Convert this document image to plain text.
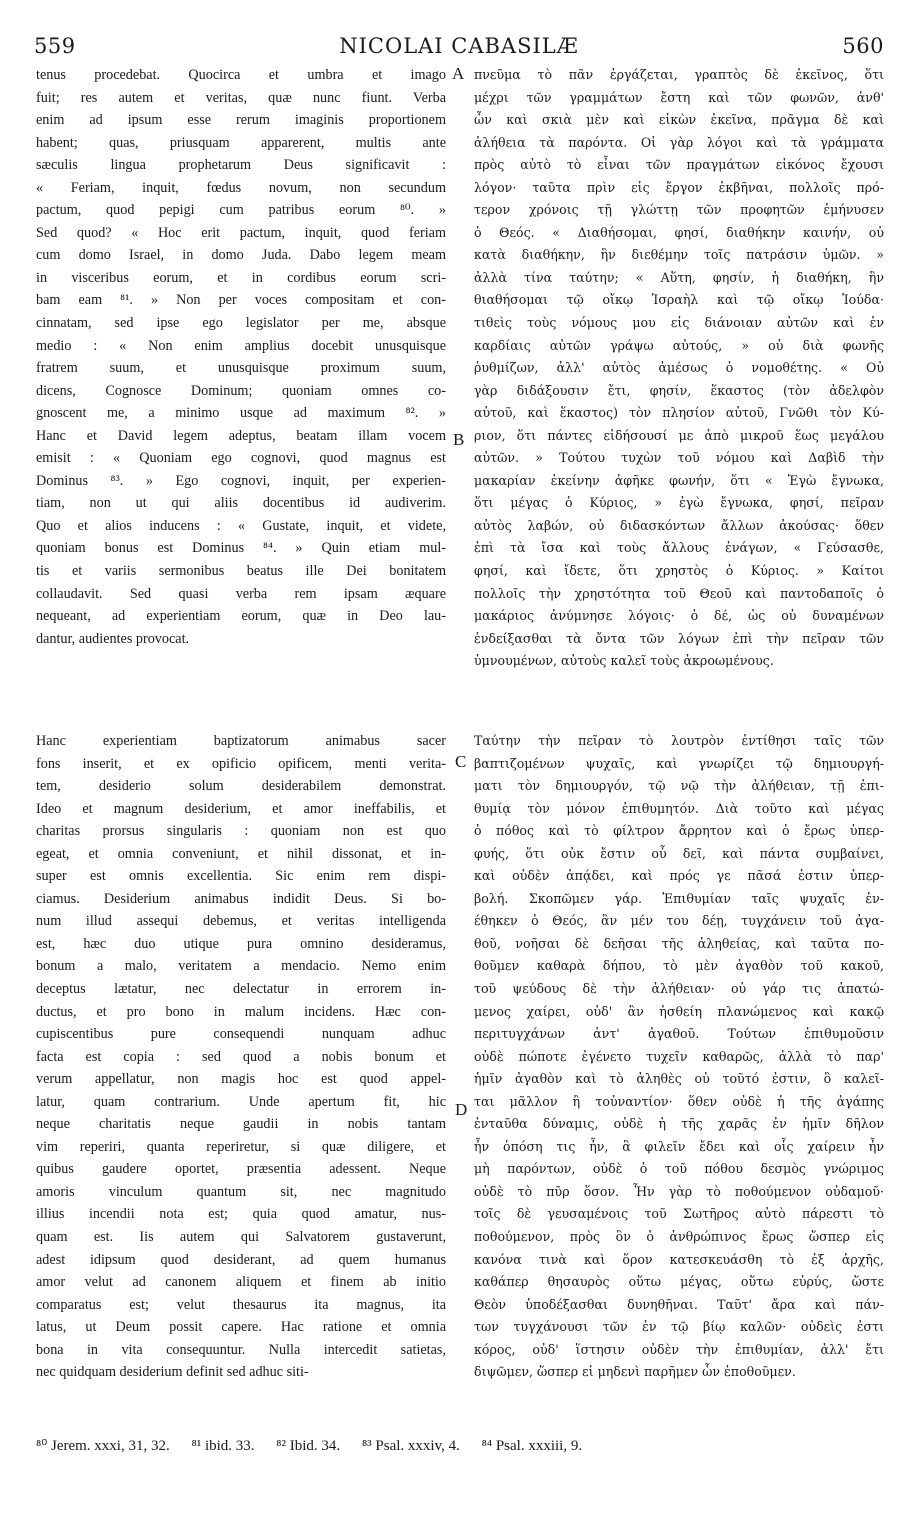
559	NICOLAI CABASILÆ	560
tenus procedebat. Quocirca et umbra et imago
fuit; res autem et veritas, quæ nunc fiunt. Verba
enim ad ipsum esse rerum imaginis proportionem
habent; quas, priusquam apparerent, multis ante
sæculis lingua prophetarum Deus significavit :
« Feriam, inquit, fœdus novum, non secundum
pactum, quod pepigi cum patribus eorum ⁸⁰. »
Sed quod? « Hoc erit pactum, inquit, quod feriam
cum domo Israel, in domo Juda. Dabo legem meam
in visceribus eorum, et in cordibus eorum scri-
bam eam ⁸¹. » Non per voces compositam et con-
cinnatam, sed ipse ego legislator per me, absque
medio : « Non enim amplius docebit unusquisque
fratrem suum, et unusquisque proximum suum,
dicens, Cognosce Dominum; quoniam omnes co-
gnoscent me, a minimo usque ad maximum ⁸². »
Hanc et David legem adeptus, beatam illam vocem
emisit : « Quoniam ego cognovi, quod magnus est
Dominus ⁸³. » Ego cognovi, inquit, per experien-
tiam, non ut qui aliis docentibus id audiverim.
Quo et alios inducens : « Gustate, inquit, et videte,
quoniam bonus est Dominus ⁸⁴. » Quin etiam mul-
tis et variis sermonibus beatus ille Dei bonitatem
collaudavit. Sed quasi verba rem ipsam æquare
nequeant, ad experientiam eorum, quæ in Deo lau-
dantur, audientes provocat.
πνεῦμα τὸ πᾶν ἐργάζεται, γραπτὸς δὲ ἐκεῖνος, ὅτι
μέχρι τῶν γραμμάτων ἔστη καὶ τῶν φωνῶν, ἀνθ'
ὧν καὶ σκιὰ μὲν καὶ εἰκὼν ἐκεῖνα, πρᾶγμα δὲ καὶ
ἀλήθεια τὰ παρόντα. Οἱ γὰρ λόγοι καὶ τὰ γράμματα
πρὸς αὐτὸ τὸ εἶναι τῶν πραγμάτων εἰκόνος ἔχουσι
λόγον· ταῦτα πρὶν εἰς ἔργον ἐκβῆναι, πολλοῖς πρό-
τερον χρόνοις τῇ γλώττῃ τῶν προφητῶν ἐμήνυσεν
ὁ Θεός. « Διαθήσομαι, φησί, διαθήκην καινήν, οὐ
κατὰ διαθήκην, ἣν διεθέμην τοῖς πατράσιν ὑμῶν. »
ἀλλὰ τίνα ταύτην; « Αὕτη, φησίν, ἡ διαθήκη, ἣν
θιαθήσομαι τῷ οἴκῳ Ἰσραὴλ καὶ τῷ οἴκῳ Ἰούδα·
τιθεὶς τοὺς νόμους μου εἰς διάνοιαν αὐτῶν καὶ ἐν
καρδίαις αὐτῶν γράψω αὐτούς, » οὐ διὰ φωνῆς
ῥυθμίζων, ἀλλ' αὐτὸς ἀμέσως ὁ νομοθέτης. « Οὐ
γὰρ διδάξουσιν ἔτι, φησίν, ἕκαστος (τὸν ἀδελφὸν
αὐτοῦ, καὶ ἕκαστος) τὸν πλησίον αὐτοῦ, Γνῶθι τὸν Κύ-
ριον, ὅτι πάντες εἰδήσουσί με ἀπὸ μικροῦ ἕως μεγάλου
αὐτῶν. » Τούτου τυχὼν τοῦ νόμου καὶ Δαβὶδ τὴν
μακαρίαν ἐκείνην ἀφῆκε φωνήν, ὅτι « Ἐγὼ ἔγνωκα,
ὅτι μέγας ὁ Κύριος, » ἐγὼ ἔγνωκα, φησί, πεῖραν
αὐτὸς λαβών, οὐ διδασκόντων ἄλλων ἀκούσας· ὅθεν
ἐπὶ τὰ ἴσα καὶ τοὺς ἄλλους ἐνάγων, « Γεύσασθε,
φησί, καὶ ἴδετε, ὅτι χρηστὸς ὁ Κύριος. » Καίτοι
πολλοῖς τὴν χρηστότητα τοῦ Θεοῦ καὶ παντοδαποῖς ὁ
μακάριος ἀνύμνησε λόγοις· ὁ δέ, ὡς οὐ δυναμένων
ἐνδείξασθαι τὰ ὄντα τῶν λόγων ἐπὶ τὴν πεῖραν τῶν
ὑμνουμένων, αὐτοὺς καλεῖ τοὺς ἀκροωμένους.
Hanc experientiam baptizatorum animabus sacer
fons inserit, et ex opificio opificem, menti verita-
tem, desiderio solum desiderabilem demonstrat.
Ideo et magnum desiderium, et amor ineffabilis, et
charitas prorsus singularis : quoniam non est quo
egeat, et omnia conveniunt, et nihil dissonat, et in-
super est omnis excellentia. Sic enim rem dispi-
ciamus. Desiderium animabus indidit Deus. Si bo-
num illud assequi debemus, et veritas intelligenda
est, hæc duo utique pura omnino desideramus,
bonum a malo, veritatem a mendacio. Nemo enim
deceptus lætatur, nec delectatur in errorem in-
ductus, et pro bono in malum incidens. Hæc con-
cupiscentibus pure consequendi nunquam adhuc
facta est copia : sed quod a nobis bonum et
verum appellatur, non magis hoc est quod appel-
latur, quam contrarium. Unde apertum fit, hic
neque charitatis neque gaudii in nobis tantam
vim reperiri, quanta reperiretur, si quæ diligere, et
quibus gaudere oportet, præsentia adessent. Neque
amoris vinculum quantum sit, nec magnitudo
illius incendii nota est; quia quod amatur, nus-
quam est. Iis autem qui Salvatorem gustaverunt,
adest idipsum quod desiderant, ad quem humanus
amor velut ad canonem aliquem et finem ab initio
comparatus est; velut thesaurus ita magnus, ita
latus, ut Deum possit capere. Hac ratione et omnia
bona in vita consequuntur. Nulla intercedit satietas,
nec quidquam desiderium definit sed adhuc siti-
Ταύτην τὴν πεῖραν τὸ λουτρὸν ἐντίθησι ταῖς τῶν
βαπτιζομένων ψυχαῖς, καὶ γνωρίζει τῷ δημιουργή-
ματι τὸν δημιουργόν, τῷ νῷ τὴν ἀλήθειαν, τῇ ἐπι-
θυμίᾳ τὸν μόνον ἐπιθυμητόν. Διὰ τοῦτο καὶ μέγας
ὁ πόθος καὶ τὸ φίλτρον ἄρρητον καὶ ὁ ἔρως ὑπερ-
φυής, ὅτι οὐκ ἔστιν οὗ δεῖ, καὶ πάντα συμβαίνει,
καὶ οὐδὲν ἀπᾴδει, καὶ πρός γε πᾶσά ἐστιν ὑπερ-
βολή. Σκοπῶμεν γάρ. Ἐπιθυμίαν ταῖς ψυχαῖς ἐν-
έθηκεν ὁ Θεός, ἂν μέν του δέῃ, τυγχάνειν τοῦ ἀγα-
θοῦ, νοῆσαι δὲ δεῆσαι τῆς ἀληθείας, καὶ ταῦτα πο-
θοῦμεν καθαρὰ δήπου, τὸ μὲν ἀγαθὸν τοῦ κακοῦ,
τοῦ ψεύδους δὲ τὴν ἀλήθειαν· οὐ γάρ τις ἀπατώ-
μενος χαίρει, οὐδ' ἂν ἡσθείη πλανώμενος καὶ κακῷ
περιτυγχάνων ἀντ' ἀγαθοῦ. Τούτων ἐπιθυμοῦσιν
οὐδὲ πώποτε ἐγένετο τυχεῖν καθαρῶς, ἀλλὰ τὸ παρ'
ἡμῖν ἀγαθὸν καὶ τὸ ἀληθὲς οὐ τοῦτό ἐστιν, ὃ καλεῖ-
ται μᾶλλον ἢ τοὐναντίον· ὅθεν οὐδὲ ἡ τῆς ἀγάπης
ἐνταῦθα δύναμις, οὐδὲ ἡ τῆς χαρᾶς ἐν ἡμῖν δῆλον
ἦν ὁπόση τις ἦν, ἃ φιλεῖν ἔδει καὶ οἷς χαίρειν ἦν
μὴ παρόντων, οὐδὲ ὁ τοῦ πόθου δεσμὸς γνώριμος
οὐδὲ τὸ πῦρ ὅσον. Ἦν γὰρ τὸ ποθούμενον οὐδαμοῦ·
τοῖς δὲ γευσαμένοις τοῦ Σωτῆρος αὐτὸ πάρεστι τὸ
ποθούμενον, πρὸς ὃν ὁ ἀνθρώπινος ἔρως ὥσπερ εἰς
κανόνα τινὰ καὶ ὅρον κατεσκευάσθη τὸ ἐξ ἀρχῆς,
καθάπερ θησαυρὸς οὕτω μέγας, οὕτω εὐρύς, ὥστε
Θεὸν ὑποδέξασθαι δυνηθῆναι. Ταῦτ' ἄρα καὶ πάν-
των τυγχάνουσι τῶν ἐν τῷ βίῳ καλῶν· οὐδεὶς ἐστι
κόρος, οὐδ' ἵστησιν οὐδὲν τὴν ἐπιθυμίαν, ἀλλ' ἔτι
διψῶμεν, ὥσπερ εἰ μηδενὶ παρῆμεν ὧν ἐποθοῦμεν.
A
B
C
D
⁸⁰ Jerem. xxxi, 31, 32. ⁸¹ ibid. 33. ⁸² Ibid. 34. ⁸³ Psal. xxxiv, 4. ⁸⁴ Psal. xxxiii, 9.
